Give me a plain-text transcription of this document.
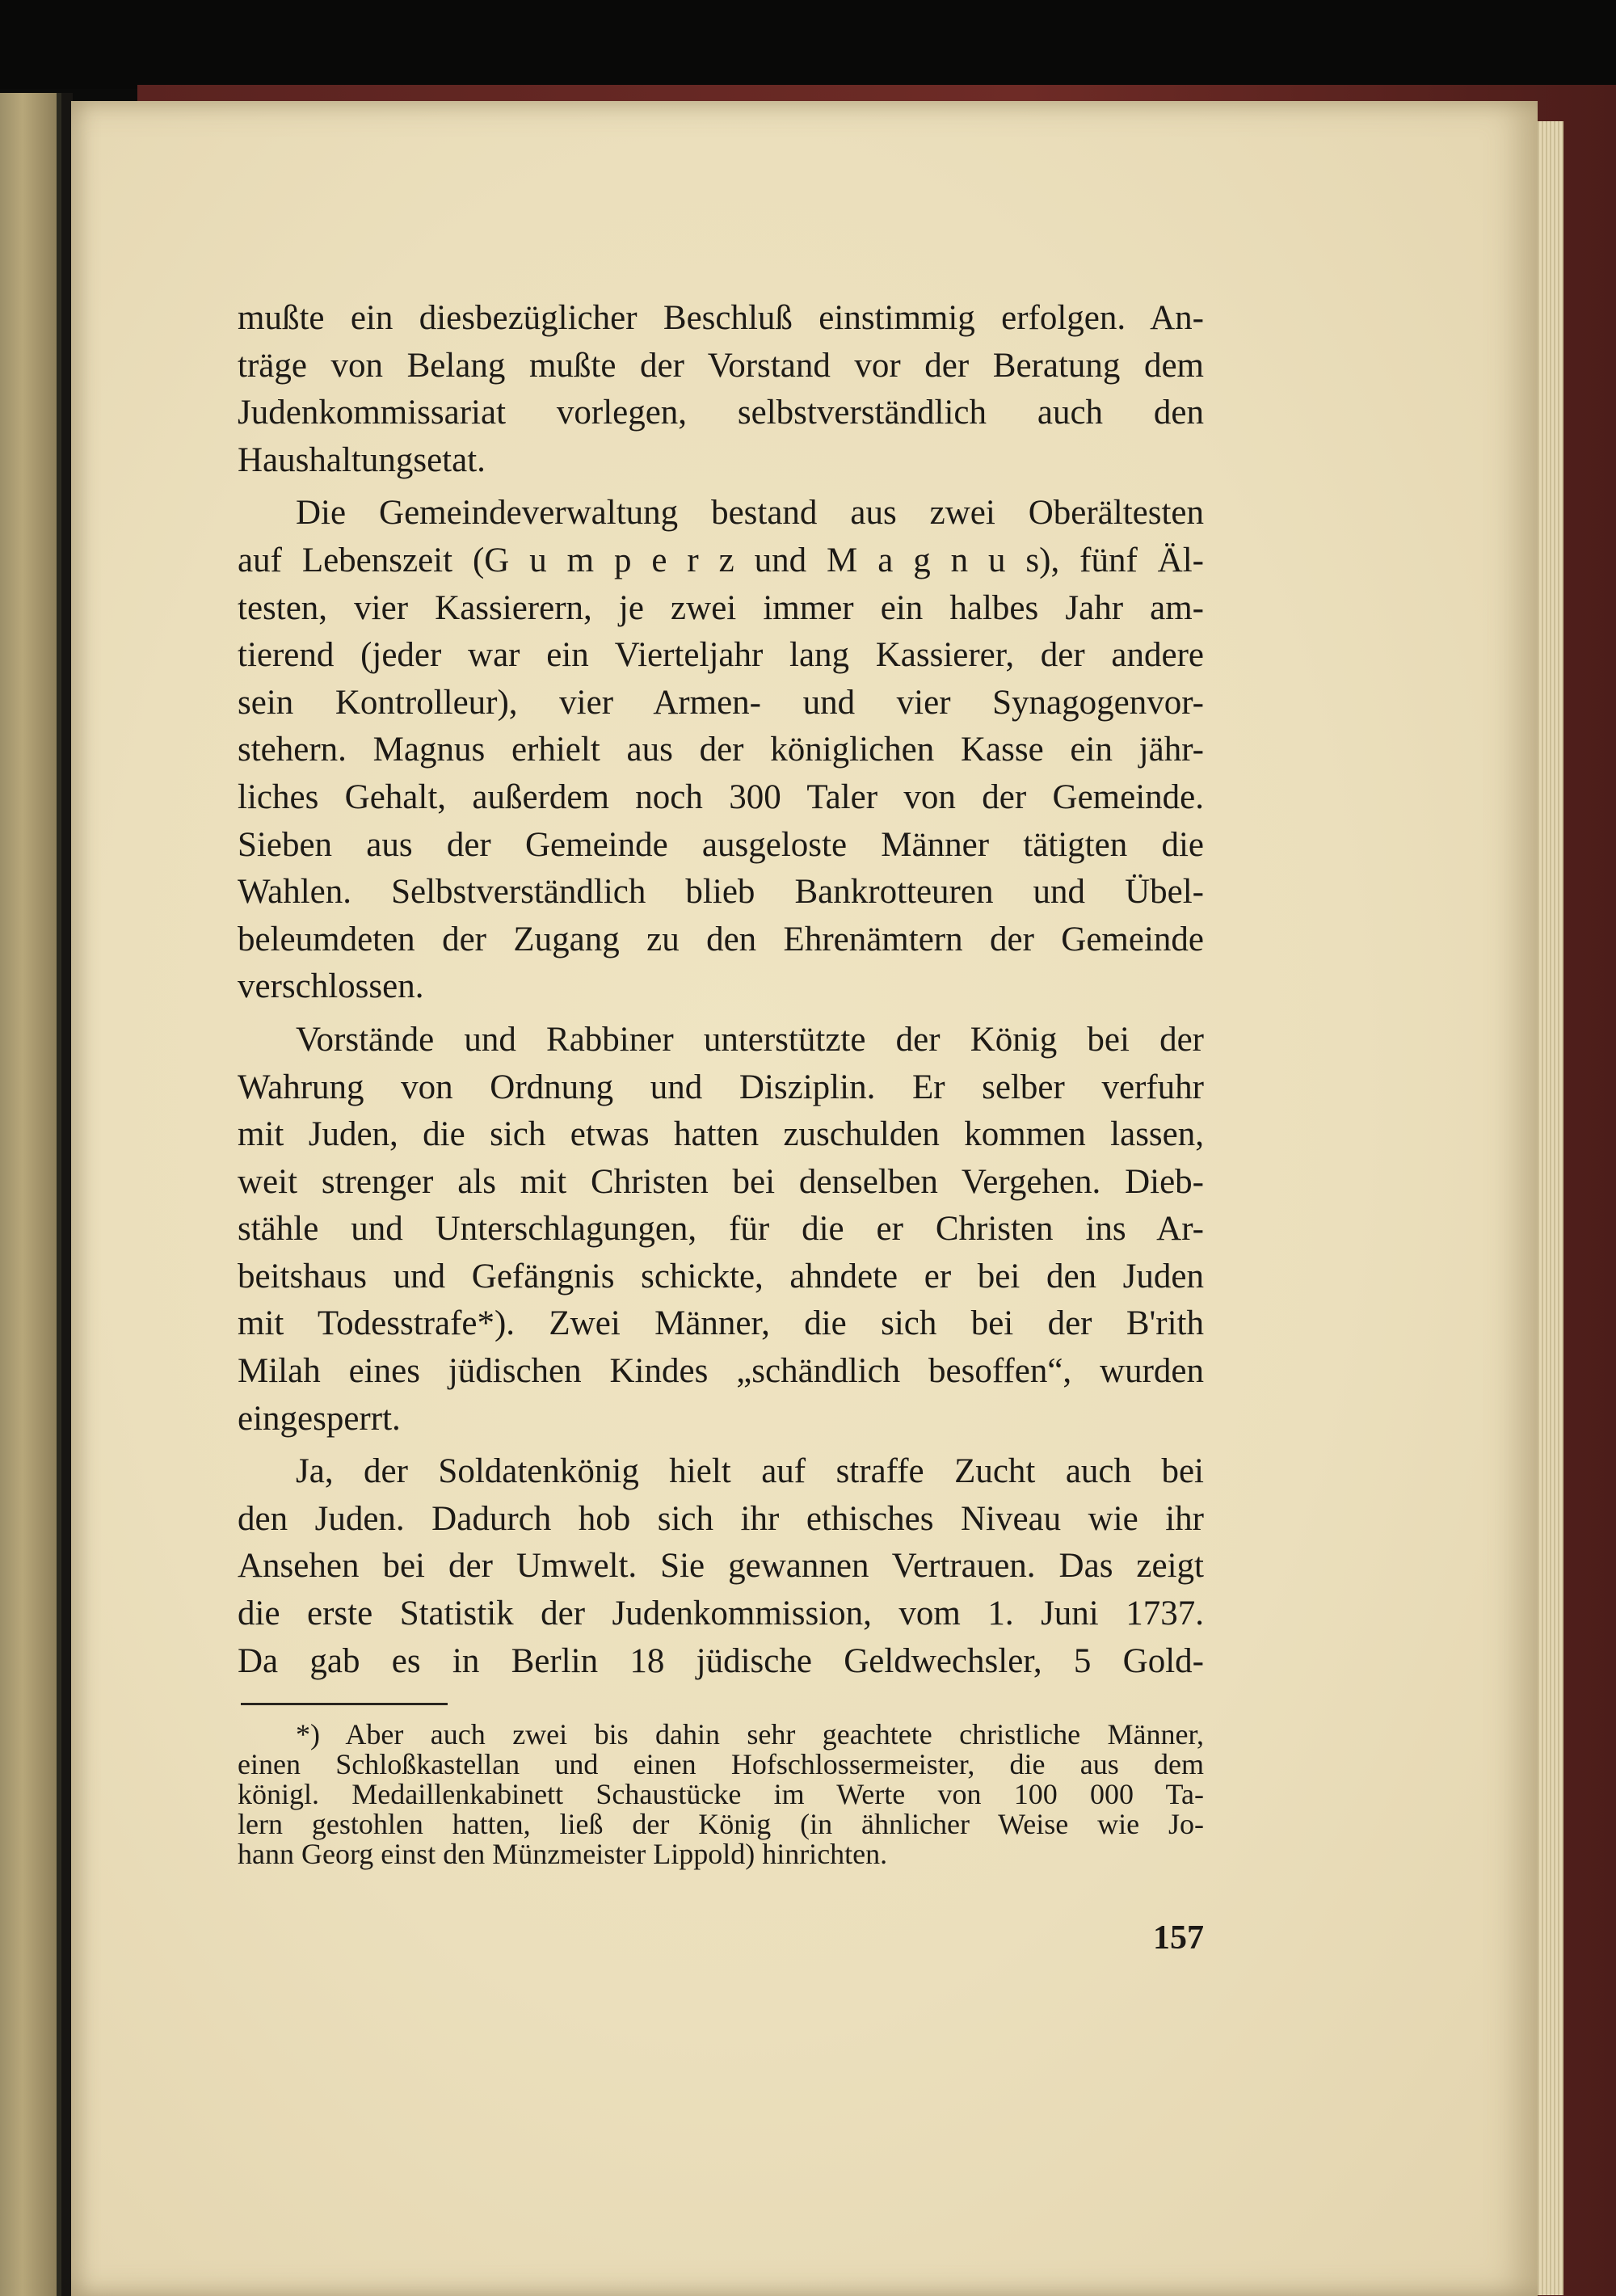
mußte ein diesbezüglicher Beschluß einstimmig erfolgen. An-
träge von Belang mußte der Vorstand vor der Beratung dem
Judenkommissariat vorlegen, selbstverständlich auch den
Haushaltungsetat.
Die Gemeindeverwaltung bestand aus zwei Oberältesten
auf Lebenszeit (G u m p e r z und M a g n u s), fünf Äl-
testen, vier Kassierern, je zwei immer ein halbes Jahr am-
tierend (jeder war ein Vierteljahr lang Kassierer, der andere
sein Kontrolleur), vier Armen- und vier Synagogenvor-
stehern. Magnus erhielt aus der königlichen Kasse ein jähr-
liches Gehalt, außerdem noch 300 Taler von der Gemeinde.
Sieben aus der Gemeinde ausgeloste Männer tätigten die
Wahlen. Selbstverständlich blieb Bankrotteuren und Übel-
beleumdeten der Zugang zu den Ehrenämtern der Gemeinde
verschlossen.
Vorstände und Rabbiner unterstützte der König bei der
Wahrung von Ordnung und Disziplin. Er selber verfuhr
mit Juden, die sich etwas hatten zuschulden kommen lassen,
weit strenger als mit Christen bei denselben Vergehen. Dieb-
stähle und Unterschlagungen, für die er Christen ins Ar-
beitshaus und Gefängnis schickte, ahndete er bei den Juden
mit Todesstrafe*). Zwei Männer, die sich bei der B'rith
Milah eines jüdischen Kindes „schändlich besoffen“, wurden
eingesperrt.
Ja, der Soldatenkönig hielt auf straffe Zucht auch bei
den Juden. Dadurch hob sich ihr ethisches Niveau wie ihr
Ansehen bei der Umwelt. Sie gewannen Vertrauen. Das zeigt
die erste Statistik der Judenkommission, vom 1. Juni 1737.
Da gab es in Berlin 18 jüdische Geldwechsler, 5 Gold-
*) Aber auch zwei bis dahin sehr geachtete christliche Männer,
einen Schloßkastellan und einen Hofschlossermeister, die aus dem
königl. Medaillenkabinett Schaustücke im Werte von 100 000 Ta-
lern gestohlen hatten, ließ der König (in ähnlicher Weise wie Jo-
hann Georg einst den Münzmeister Lippold) hinrichten.
157
